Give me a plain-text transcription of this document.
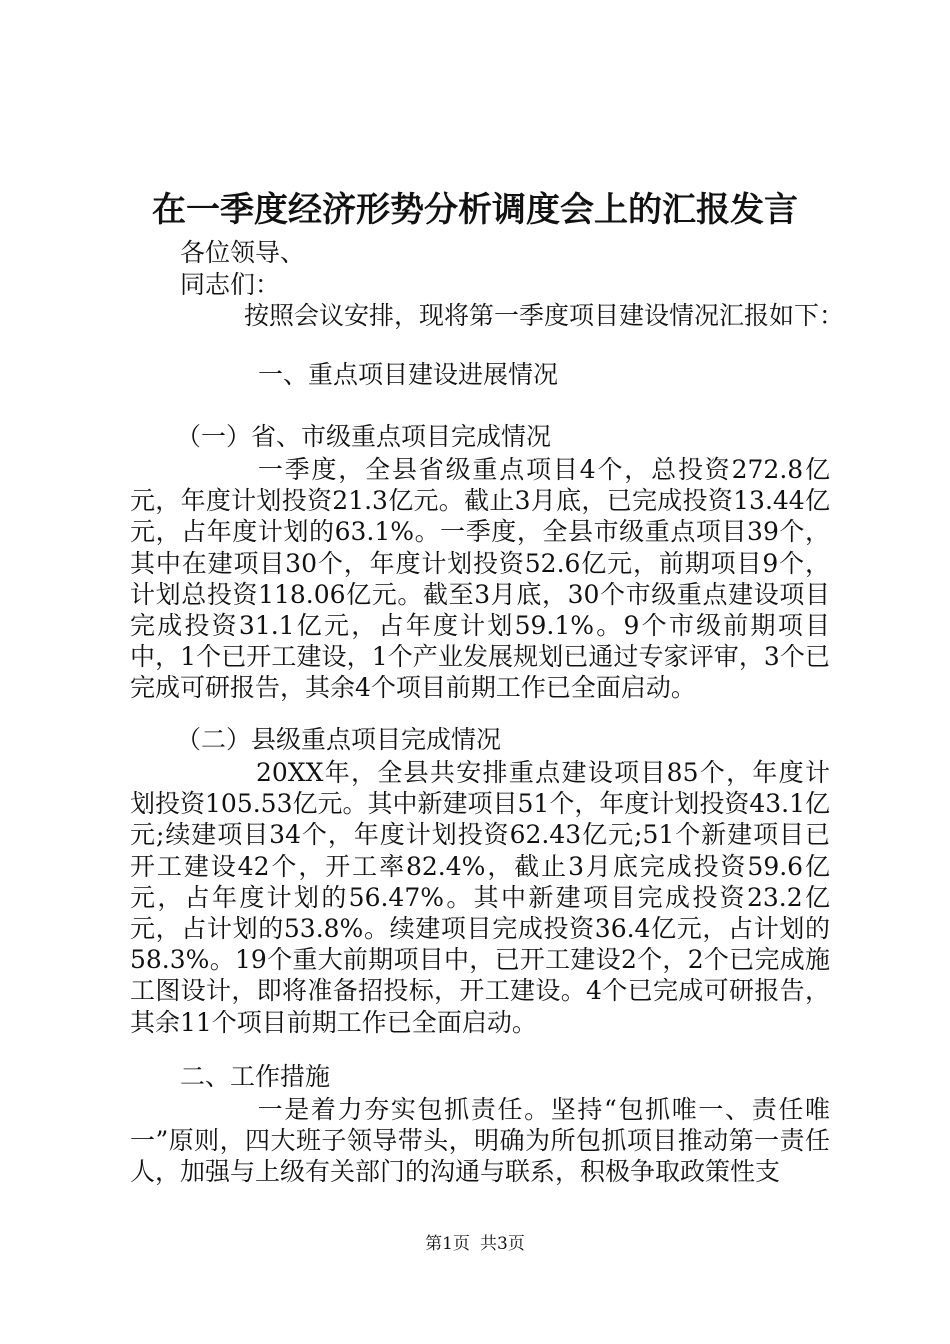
在一季度经济形势分析调度会上的汇报发言
各位领导、
同志们：
按照会议安排，现将第一季度项目建设情况汇报如下：
一、重点项目建设进展情况
（一）省、市级重点项目完成情况
一季度，全县省级重点项目4个，总投资272.8亿元，年度计划投资21.3亿元。截止3月底，已完成投资13.44亿元，占年度计划的63.1%。一季度，全县市级重点项目39个，其中在建项目30个，年度计划投资52.6亿元，前期项目9个，计划总投资118.06亿元。截至3月底，30个市级重点建设项目完成投资31.1亿元，占年度计划59.1%。9个市级前期项目中，1个已开工建设，1个产业发展规划已通过专家评审，3个已完成可研报告，其余4个项目前期工作已全面启动。
（二）县级重点项目完成情况
20XX年，全县共安排重点建设项目85个，年度计划投资105.53亿元。其中新建项目51个，年度计划投资43.1亿元;续建项目34个，年度计划投资62.43亿元;51个新建项目已开工建设42个，开工率82.4%，截止3月底完成投资59.6亿元，占年度计划的56.47%。其中新建项目完成投资23.2亿元，占计划的53.8%。续建项目完成投资36.4亿元，占计划的58.3%。19个重大前期项目中，已开工建设2个，2个已完成施工图设计，即将准备招投标，开工建设。4个已完成可研报告，其余11个项目前期工作已全面启动。
二、工作措施
一是着力夯实包抓责任。坚持“包抓唯一、责任唯一”原则，四大班子领导带头，明确为所包抓项目推动第一责任人，加强与上级有关部门的沟通与联系，积极争取政策性支
第1页 共3页
